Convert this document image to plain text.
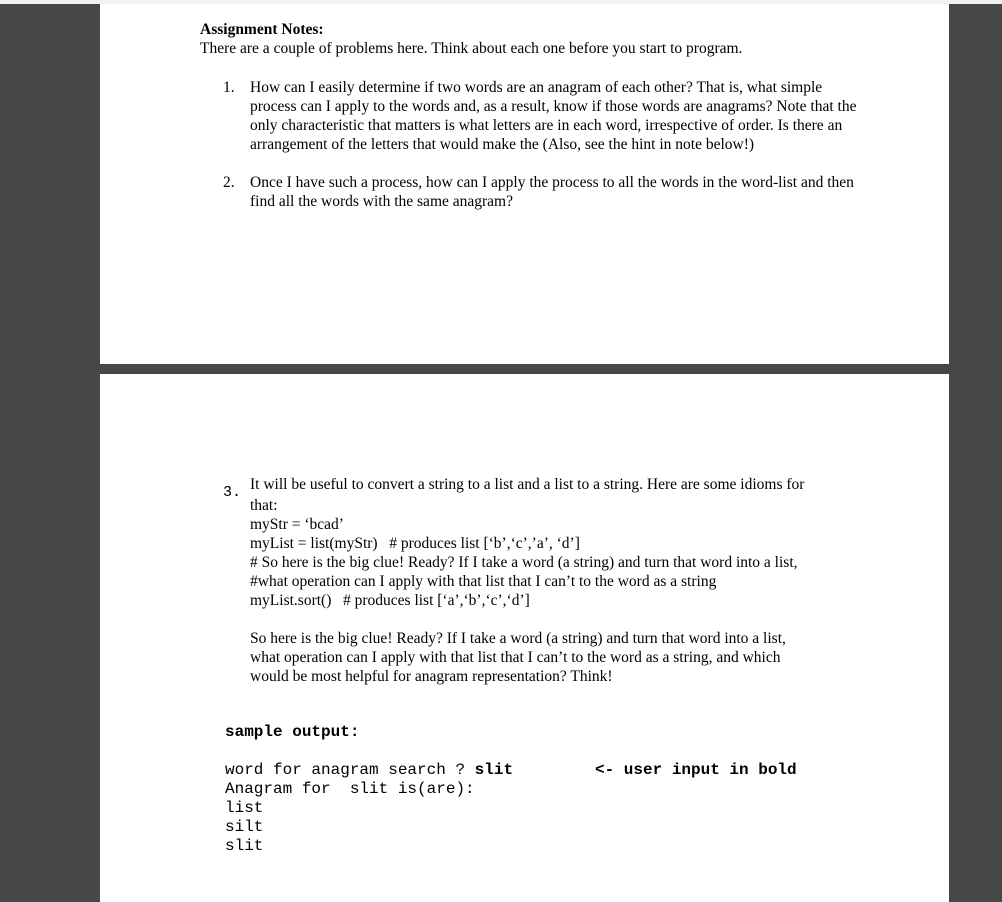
Assignment Notes:
There are a couple of problems here. Think about each one before you start to program.
1. How can I easily determine if two words are an anagram of each other? That is, what simple process can I apply to the words and, as a result, know if those words are anagrams? Note that the only characteristic that matters is what letters are in each word, irrespective of order. Is there an arrangement of the letters that would make the (Also, see the hint in note below!)
2. Once I have such a process, how can I apply the process to all the words in the word-list and then find all the words with the same anagram?
3. It will be useful to convert a string to a list and a list to a string. Here are some idioms for
that:
myStr = ‘bcad’
myList = list(myStr)   # produces list [‘b’,‘c’,’a’, ‘d’]
# So here is the big clue! Ready? If I take a word (a string) and turn that word into a list,
#what operation can I apply with that list that I can’t to the word as a string
myList.sort()   # produces list [‘a’,‘b’,‘c’,‘d’]
So here is the big clue! Ready? If I take a word (a string) and turn that word into a list,
what operation can I apply with that list that I can’t to the word as a string, and which
would be most helpful for anagram representation? Think!
sample output:
word for anagram search ? slit	<- user input in bold
Anagram for  slit is(are):
list
silt
slit
